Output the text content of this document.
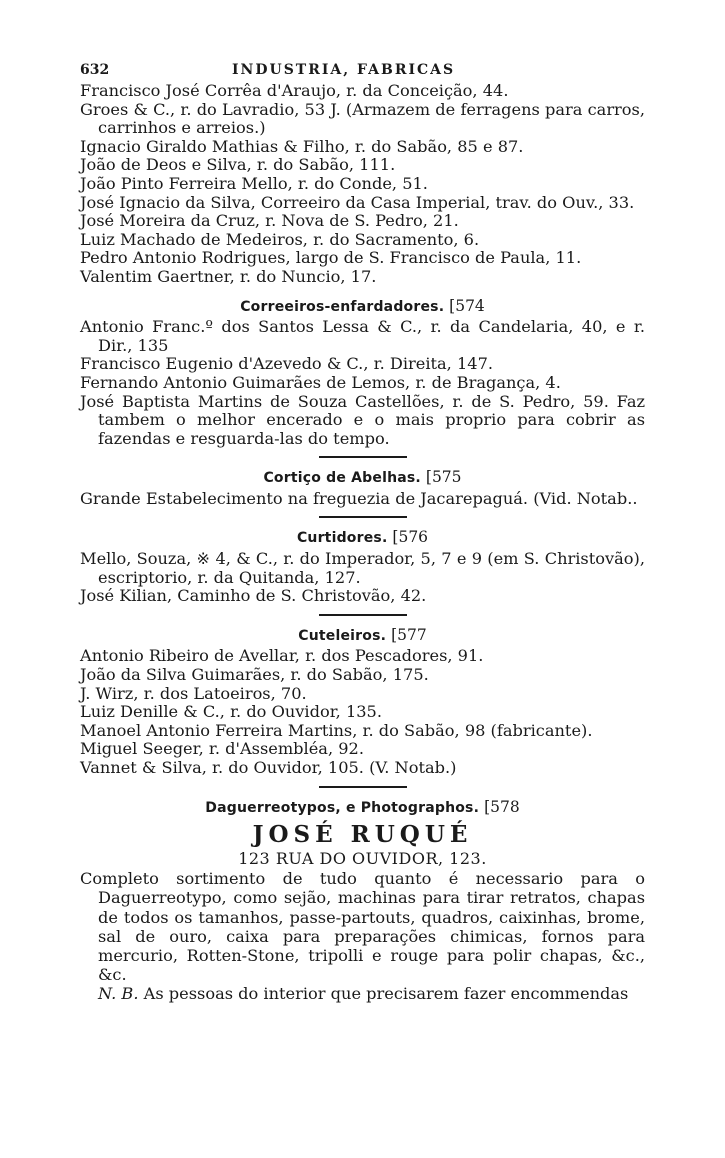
632	INDUSTRIA, FABRICAS
Francisco José Corrêa d'Araujo, r. da Conceição, 44.
Groes & C., r. do Lavradio, 53 J. (Armazem de ferragens para carros, carrinhos e arreios.)
Ignacio Giraldo Mathias & Filho, r. do Sabão, 85 e 87.
João de Deos e Silva, r. do Sabão, 111.
João Pinto Ferreira Mello, r. do Conde, 51.
José Ignacio da Silva, Correeiro da Casa Imperial, trav. do Ouv., 33.
José Moreira da Cruz, r. Nova de S. Pedro, 21.
Luiz Machado de Medeiros, r. do Sacramento, 6.
Pedro Antonio Rodrigues, largo de S. Francisco de Paula, 11.
Valentim Gaertner, r. do Nuncio, 17.
Correeiros-enfardadores. [574
Antonio Franc.º dos Santos Lessa & C., r. da Candelaria, 40, e r. Dir., 135
Francisco Eugenio d'Azevedo & C., r. Direita, 147.
Fernando Antonio Guimarães de Lemos, r. de Bragança, 4.
José Baptista Martins de Souza Castellões, r. de S. Pedro, 59. Faz tambem o melhor encerado e o mais proprio para cobrir as fazendas e resguarda-las do tempo.
Cortiço de Abelhas. [575
Grande Estabelecimento na freguezia de Jacarepaguá. (Vid. Notab..
Curtidores. [576
Mello, Souza, ※ 4, & C., r. do Imperador, 5, 7 e 9 (em S. Christovão), escriptorio, r. da Quitanda, 127.
José Kilian, Caminho de S. Christovão, 42.
Cuteleiros. [577
Antonio Ribeiro de Avellar, r. dos Pescadores, 91.
João da Silva Guimarães, r. do Sabão, 175.
J. Wirz, r. dos Latoeiros, 70.
Luiz Denille & C., r. do Ouvidor, 135.
Manoel Antonio Ferreira Martins, r. do Sabão, 98 (fabricante).
Miguel Seeger, r. d'Assembléa, 92.
Vannet & Silva, r. do Ouvidor, 105. (V. Notab.)
Daguerreotypos, e Photographos. [578
JOSÉ RUQUÉ
123 RUA DO OUVIDOR, 123.
Completo sortimento de tudo quanto é necessario para o Daguerreotypo, como sejão, machinas para tirar retratos, chapas de todos os tamanhos, passe-partouts, quadros, caixinhas, brome, sal de ouro, caixa para preparações chimicas, fornos para mercurio, Rotten-Stone, tripolli e rouge para polir chapas, &c., &c.
N. B. As pessoas do interior que precisarem fazer encommendas
